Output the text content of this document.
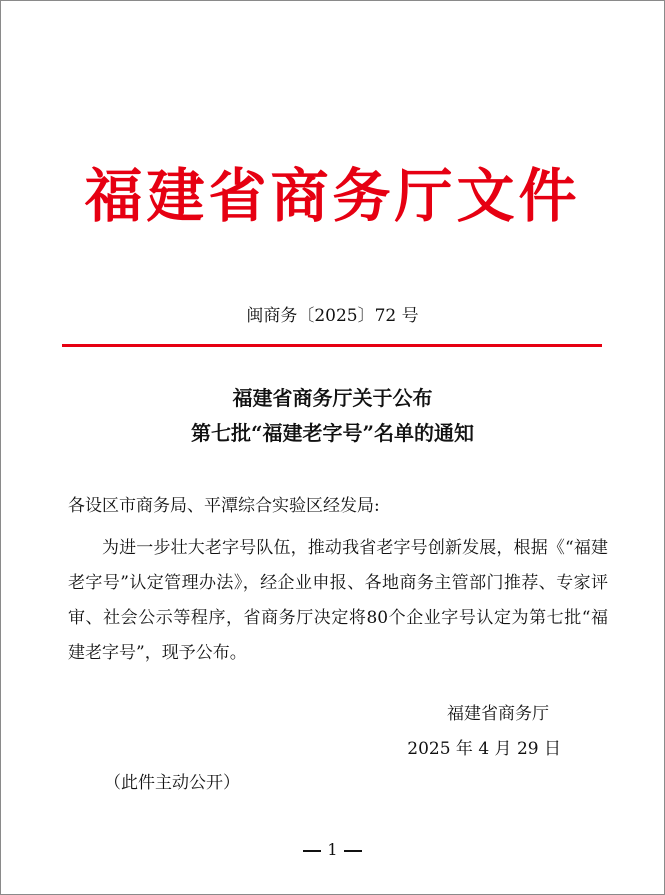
福建省商务厅文件
闽商务〔2025〕72 号
福建省商务厅关于公布
第七批“福建老字号”名单的通知
各设区市商务局、平潭综合实验区经发局:
为进一步壮大老字号队伍，推动我省老字号创新发展，根据《“福建老字号”认定管理办法》，经企业申报、各地商务主管部门推荐、专家评审、社会公示等程序，省商务厅决定将80个企业字号认定为第七批“福建老字号”，现予公布。
福建省商务厅
2025 年 4 月 29 日
（此件主动公开）
1
